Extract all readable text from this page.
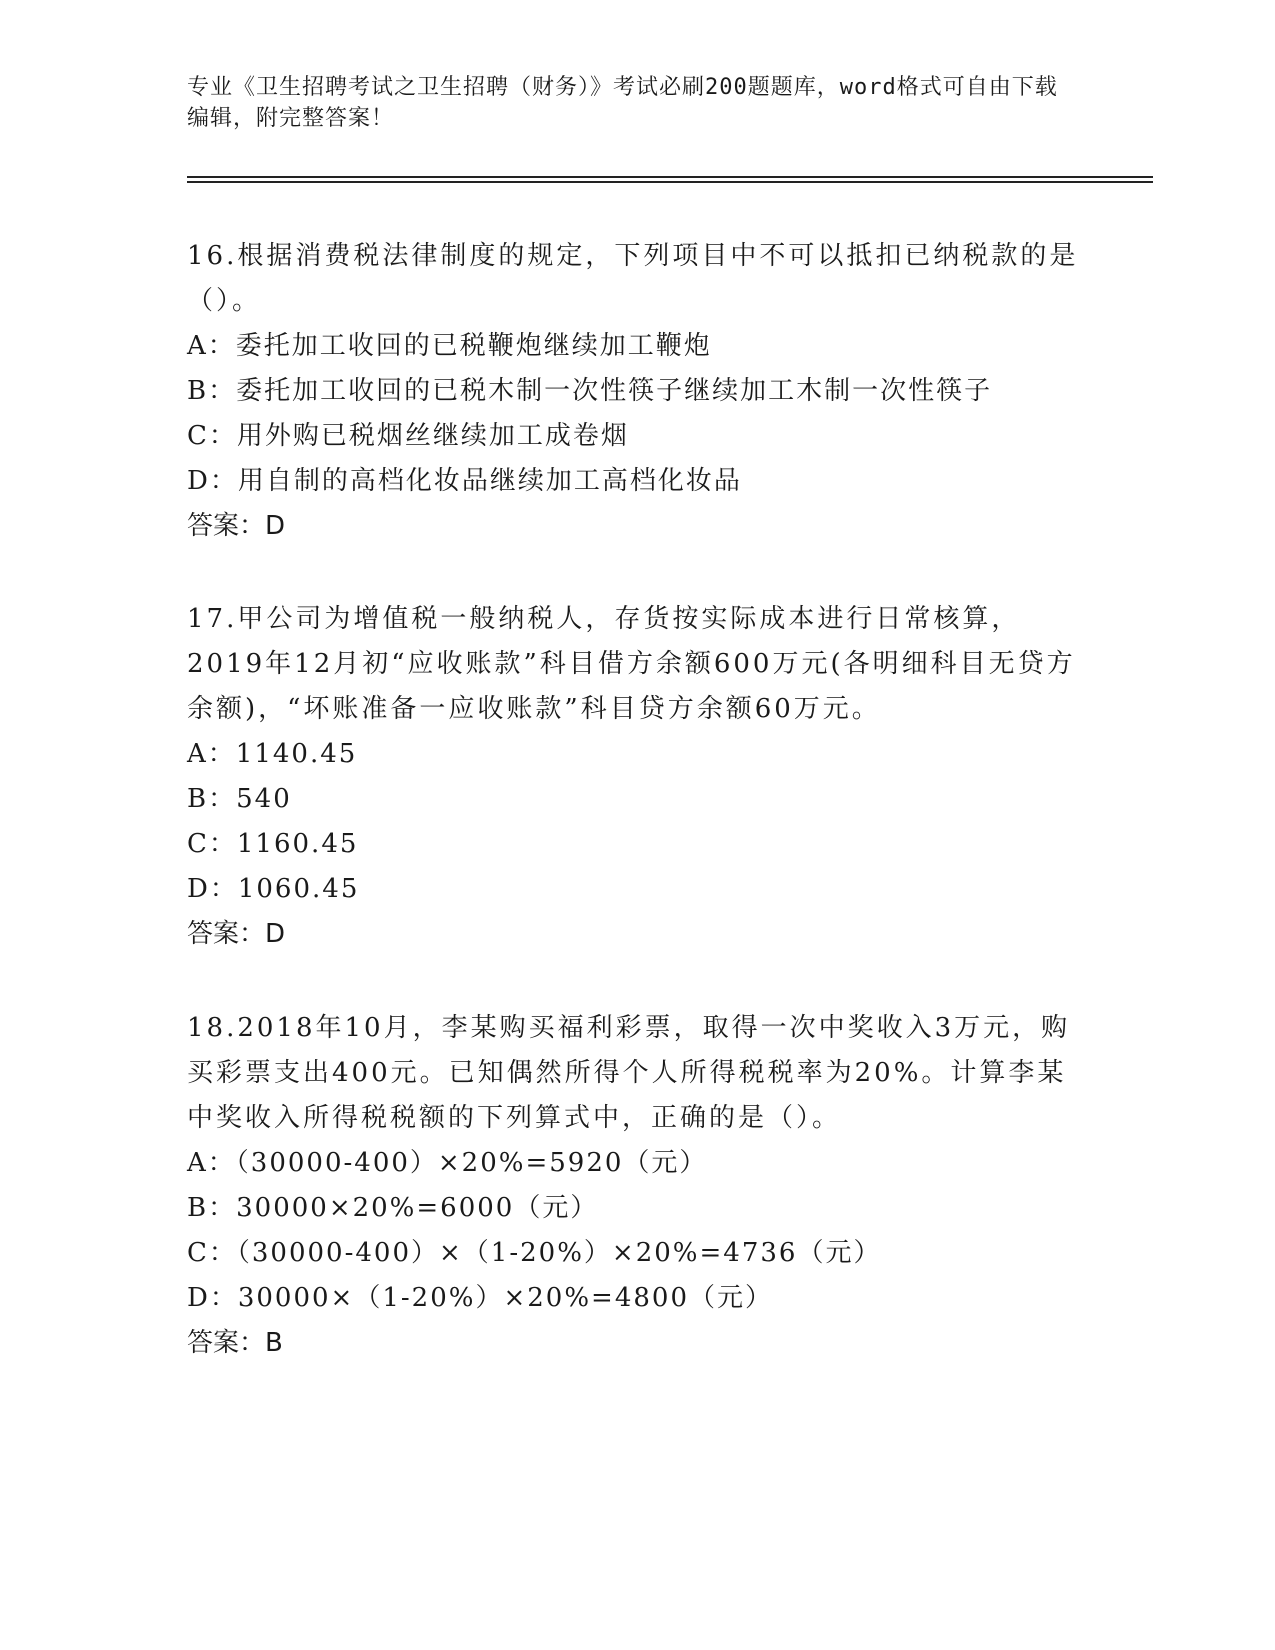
专业《卫生招聘考试之卫生招聘（财务）》考试必刷200题题库，word格式可自由下载编辑，附完整答案！

16.根据消费税法律制度的规定，下列项目中不可以抵扣已纳税款的是（）。

A：委托加工收回的已税鞭炮继续加工鞭炮

B：委托加工收回的已税木制一次性筷子继续加工木制一次性筷子

C：用外购已税烟丝继续加工成卷烟

D：用自制的高档化妆品继续加工高档化妆品

答案：D

17.甲公司为增值税一般纳税人，存货按实际成本进行日常核算，2019年12月初“应收账款”科目借方余额600万元(各明细科目无贷方余额)，“坏账准备一应收账款”科目贷方余额60万元。

A：1140.45

B：540

C：1160.45

D：1060.45

答案：D

18.2018年10月，李某购买福利彩票，取得一次中奖收入3万元，购买彩票支出400元。已知偶然所得个人所得税税率为20%。计算李某中奖收入所得税税额的下列算式中，正确的是（）。

A：（30000-400）×20%=5920（元）

B：30000×20%=6000（元）

C：（30000-400）×（1-20%）×20%=4736（元）

D：30000×（1-20%）×20%=4800（元）

答案：B
